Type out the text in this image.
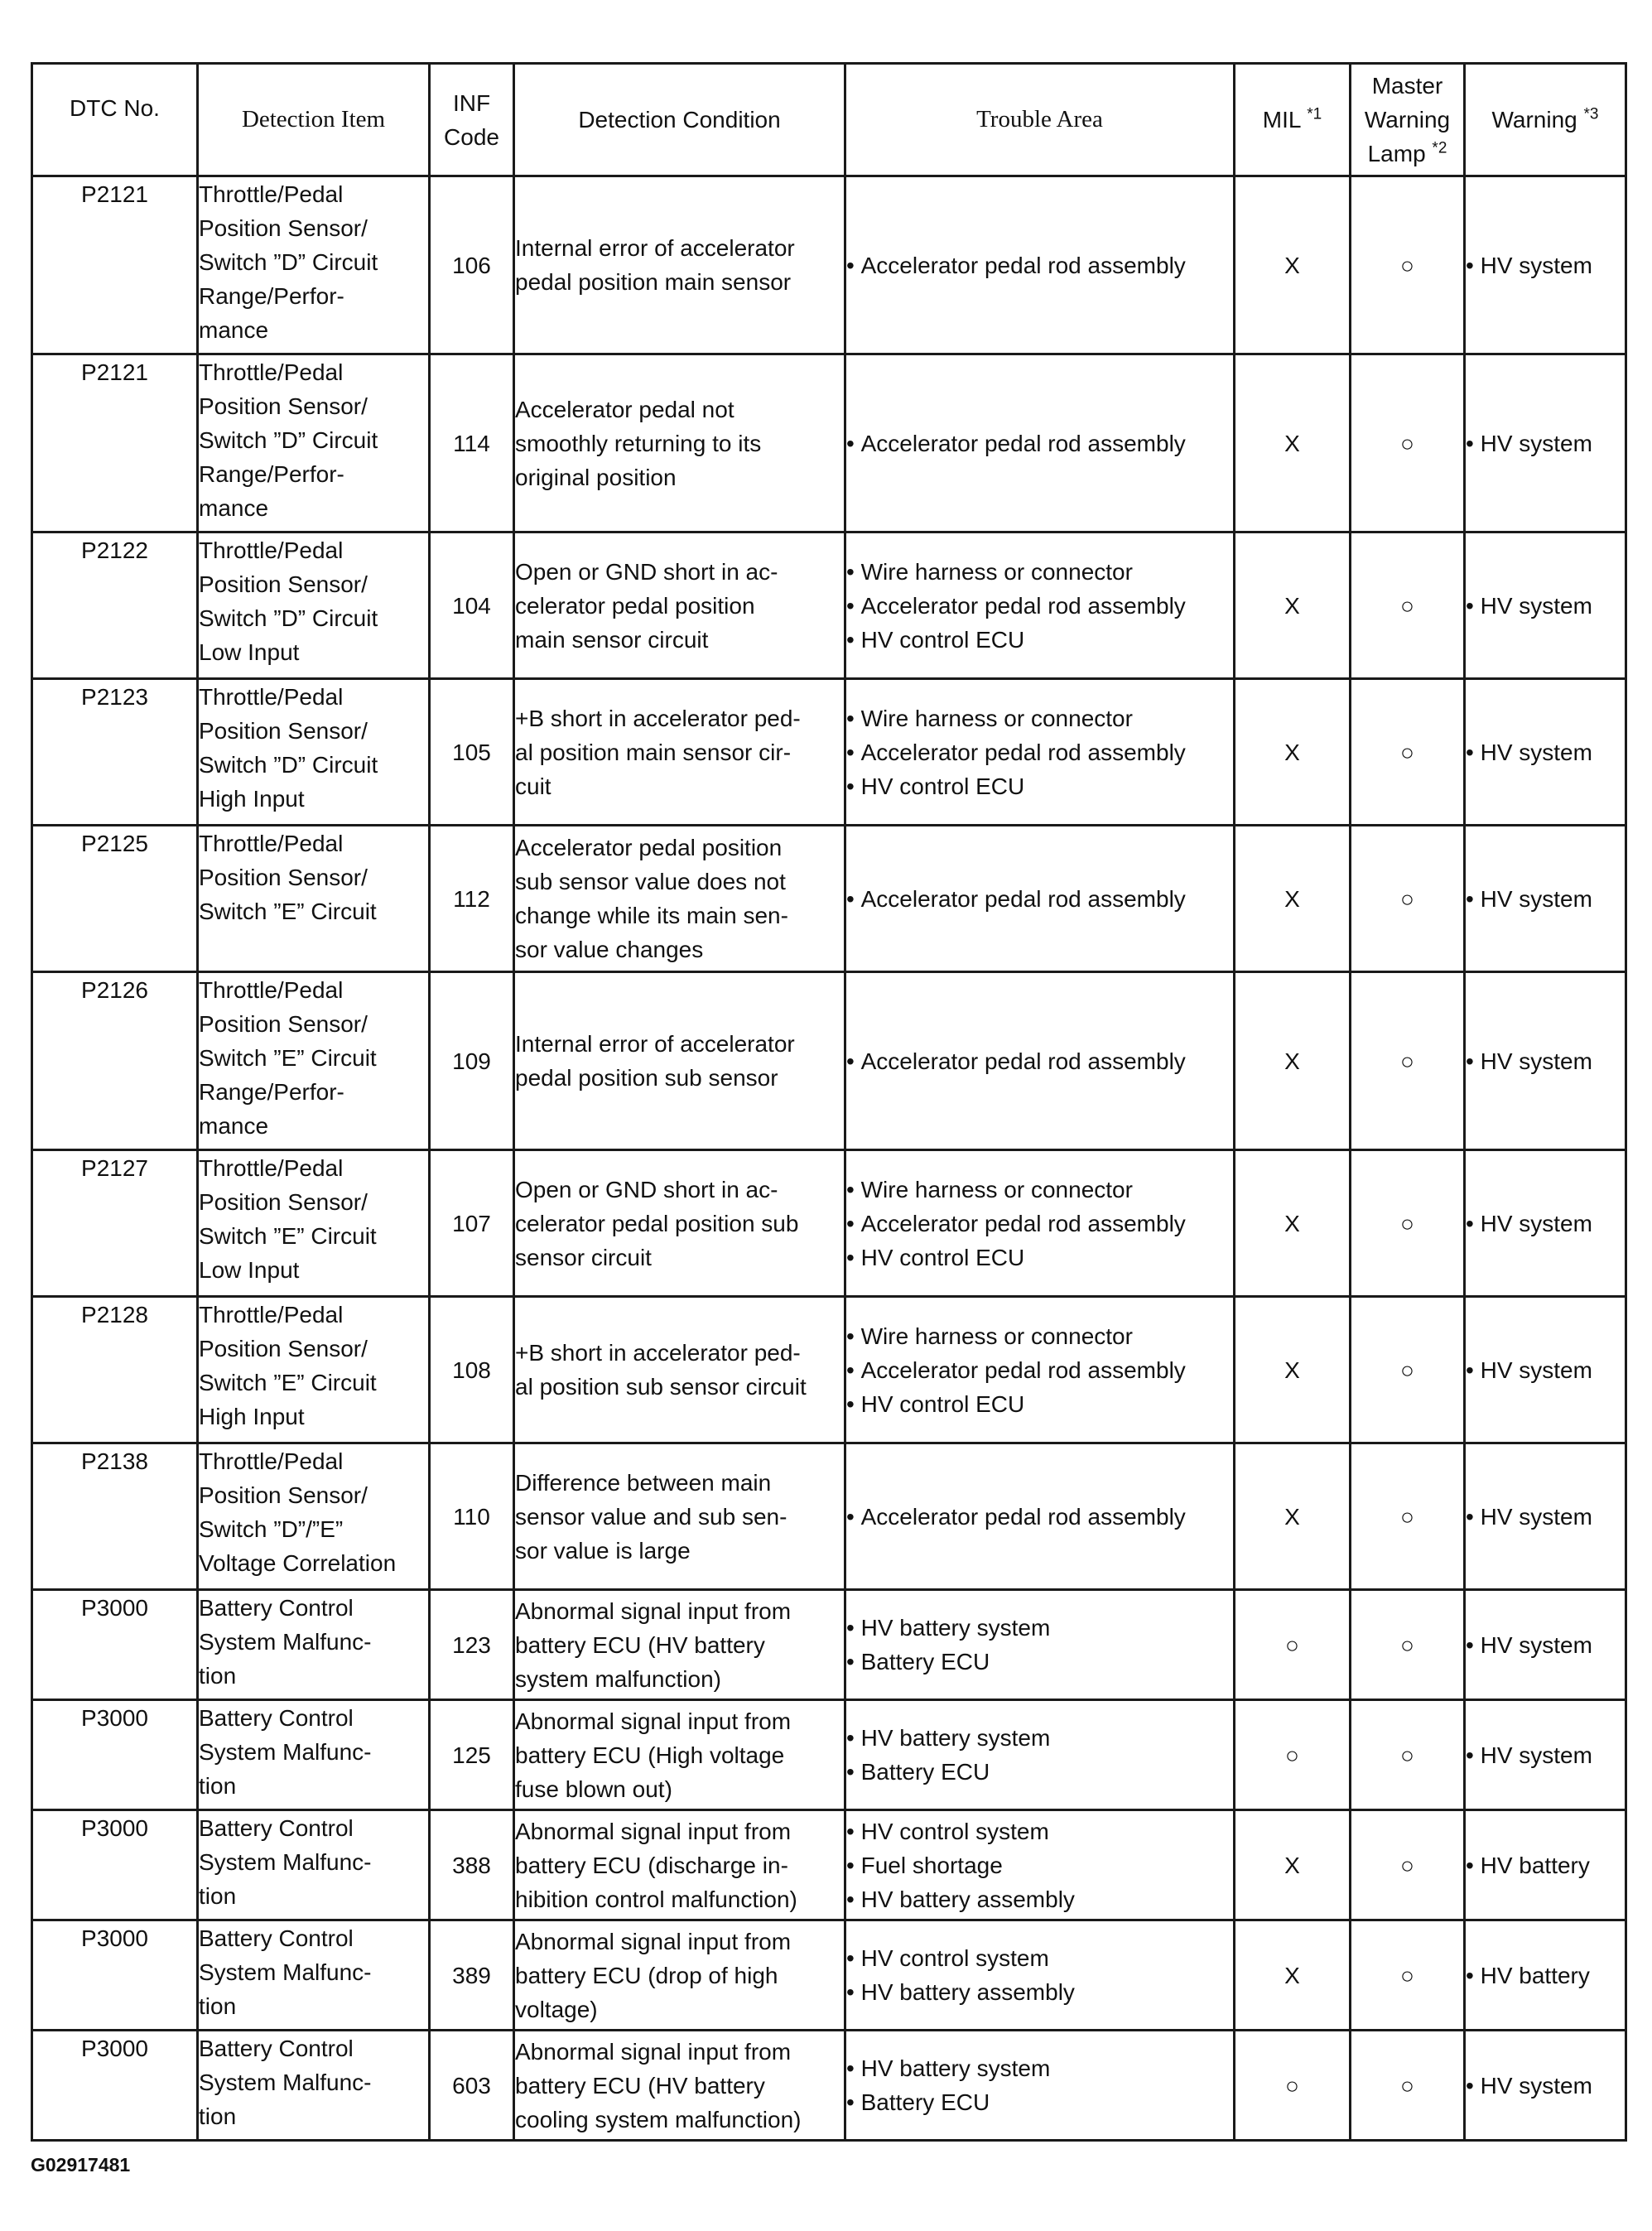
DTC No.	Detection Item	INF
Code	Detection Condition	Trouble Area	MIL $^{*1}$	Master
Warning
Lamp $^{*2}$	Warning $^{*3}$
P2121	Throttle/Pedal
Position Sensor/
Switch ”D” Circuit
Range/Perfor-
mance	106	Internal error of accelerator
pedal position main sensor	• Accelerator pedal rod assembly	X	○	• HV system

P2121	Throttle/Pedal
Position Sensor/
Switch ”D” Circuit
Range/Perfor-
mance	114	Accelerator pedal not
smoothly returning to its
original position	• Accelerator pedal rod assembly	X	○	• HV system

P2122	Throttle/Pedal
Position Sensor/
Switch ”D” Circuit
Low Input	104	Open or GND short in ac-
celerator pedal position
main sensor circuit	• Wire harness or connector
• Accelerator pedal rod assembly
• HV control ECU	X	○	• HV system

P2123	Throttle/Pedal
Position Sensor/
Switch ”D” Circuit
High Input	105	+B short in accelerator ped-
al position main sensor cir-
cuit	• Wire harness or connector
• Accelerator pedal rod assembly
• HV control ECU	X	○	• HV system

P2125	Throttle/Pedal
Position Sensor/
Switch ”E” Circuit	112	Accelerator pedal position
sub sensor value does not
change while its main sen-
sor value changes	• Accelerator pedal rod assembly	X	○	• HV system

P2126	Throttle/Pedal
Position Sensor/
Switch ”E” Circuit
Range/Perfor-
mance	109	Internal error of accelerator
pedal position sub sensor	• Accelerator pedal rod assembly	X	○	• HV system

P2127	Throttle/Pedal
Position Sensor/
Switch ”E” Circuit
Low Input	107	Open or GND short in ac-
celerator pedal position sub
sensor circuit	• Wire harness or connector
• Accelerator pedal rod assembly
• HV control ECU	X	○	• HV system

P2128	Throttle/Pedal
Position Sensor/
Switch ”E” Circuit
High Input	108	+B short in accelerator ped-
al position sub sensor circuit	• Wire harness or connector
• Accelerator pedal rod assembly
• HV control ECU	X	○	• HV system

P2138	Throttle/Pedal
Position Sensor/
Switch ”D”/”E”
Voltage Correlation	110	Difference between main
sensor value and sub sen-
sor value is large	• Accelerator pedal rod assembly	X	○	• HV system

P3000	Battery Control
System Malfunc-
tion	123	Abnormal signal input from
battery ECU (HV battery
system malfunction)	• HV battery system
• Battery ECU	○	○	• HV system

P3000	Battery Control
System Malfunc-
tion	125	Abnormal signal input from
battery ECU (High voltage
fuse blown out)	• HV battery system
• Battery ECU	○	○	• HV system

P3000	Battery Control
System Malfunc-
tion	388	Abnormal signal input from
battery ECU (discharge in-
hibition control malfunction)	• HV control system
• Fuel shortage
• HV battery assembly	X	○	• HV battery

P3000	Battery Control
System Malfunc-
tion	389	Abnormal signal input from
battery ECU (drop of high
voltage)	• HV control system
• HV battery assembly	X	○	• HV battery

P3000	Battery Control
System Malfunc-
tion	603	Abnormal signal input from
battery ECU (HV battery
cooling system malfunction)	• HV battery system
• Battery ECU	○	○	• HV system
G02917481
